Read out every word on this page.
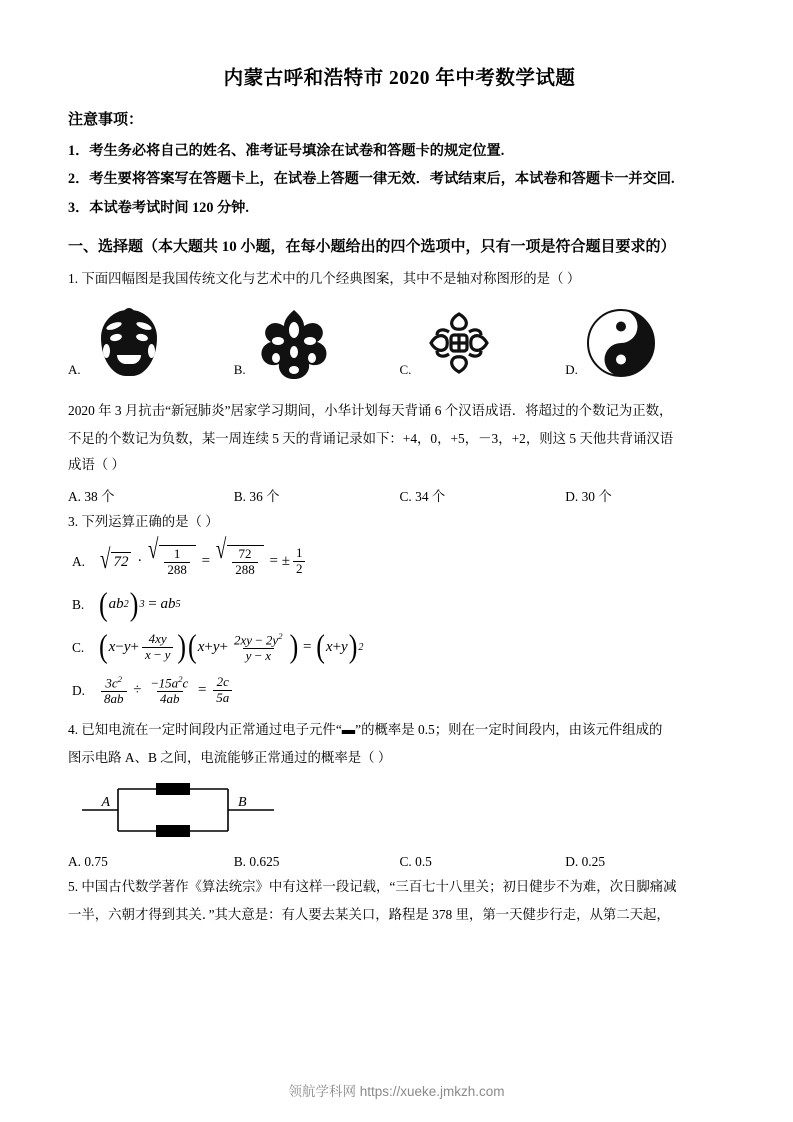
内蒙古呼和浩特市 2020 年中考数学试题
注意事项：
1．考生务必将自己的姓名、准考证号填涂在试卷和答题卡的规定位置.
2．考生要将答案写在答题卡上，在试卷上答题一律无效．考试结束后，本试卷和答题卡一并交回.
3．本试卷考试时间 120 分钟.
一、选择题（本大题共 10 小题，在每小题给出的四个选项中，只有一项是符合题目要求的）
1. 下面四幅图是我国传统文化与艺术中的几个经典图案，其中不是轴对称图形的是（ ）
A.	B.	C.	D.
2020 年 3 月抗击“新冠肺炎”居家学习期间，小华计划每天背诵 6 个汉语成语．将超过的个数记为正数，
不足的个数记为负数，某一周连续 5 天的背诵记录如下：+4，0，+5，－3，+2，则这 5 天他共背诵汉语
成语（ ）
A. 38 个	B. 36 个	C. 34 个	D. 30 个
3. 下列运算正确的是（ ）
A. √ 72 · √ $\frac{1}{288}$ = √ $\frac{72}{288}$ = ± $\frac{1}{2}$
B. ( ab 2 ) 3 = ab 5
C. ( $x - y + \frac{4xy}{x - y}$ ) ( $x + y + \frac{2xy - 2y^2}{y - x}$ ) = ( x + y ) 2
D.	$\frac{3c^2}{8ab} \div \frac{-15a^2c}{4ab} = \frac{2c}{5a}$
4. 已知电流在一定时间段内正常通过电子元件“▬”的概率是 0.5；则在一定时间段内，由该元件组成的
图示电路 A、B 之间，电流能够正常通过的概率是（ ）
A	B
A. 0.75	B. 0.625	C. 0.5	D. 0.25
5. 中国古代数学著作《算法统宗》中有这样一段记载，“三百七十八里关；初日健步不为难，次日脚痛减
一半，六朝才得到其关．”其大意是：有人要去某关口，路程是 378 里，第一天健步行走，从第二天起，
领航学科网 https://xueke.jmkzh.com
